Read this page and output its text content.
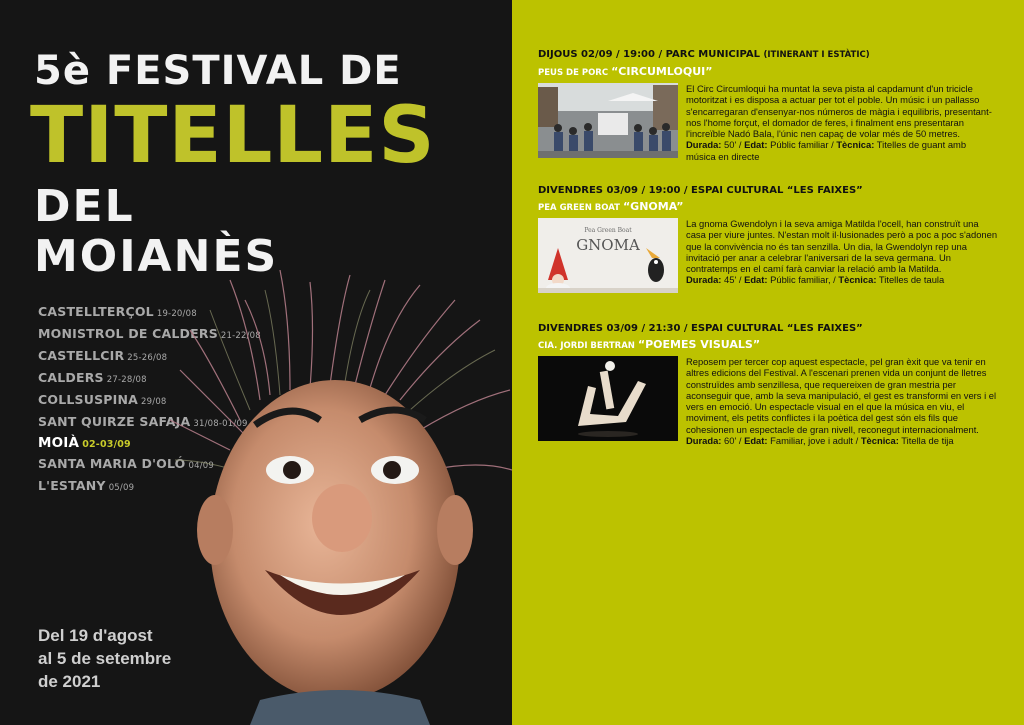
5è FESTIVAL DE
TITELLES
DEL MOIANÈS
CASTELLTERÇOL 19-20/08
MONISTROL DE CALDERS 21-22/08
CASTELLCIR 25-26/08
CALDERS 27-28/08
COLLSUSPINA 29/08
SANT QUIRZE SAFAJA 31/08-01/09
MOIÀ 02-03/09
SANTA MARIA D'OLÓ 04/09
L'ESTANY 05/09
Del 19 d'agost
al 5 de setembre
de 2021
DIJOUS 02/09 / 19:00 / PARC MUNICIPAL (ITINERANT I ESTÀTIC)
PEUS DE PORC “CIRCUMLOQUI”
El Circ Circumloqui ha muntat la seva pista al capdamunt d'un tricicle motoritzat i es disposa a actuar per tot el poble. Un músic i un pallasso s'encarregaran d'ensenyar-nos números de màgia i equilibris, presentant-nos l'home forçut, el domador de feres, i finalment ens presentaran l'increïble Nadó Bala, l'únic nen capaç de volar més de 50 metres.
Durada: 50' / Edat: Públic familiar / Tècnica: Titelles de guant amb música en directe
DIVENDRES 03/09 / 19:00 / ESPAI CULTURAL “LES FAIXES”
PEA GREEN BOAT “GNOMA”
Pea Green Boat
GNOMA
La gnoma Gwendolyn i la seva amiga Matilda l'ocell, han construït una casa per viure juntes. N'estan molt il·lusionades però a poc a poc s'adonen que la convivència no és tan senzilla. Un dia, la Gwendolyn rep una invitació per anar a celebrar l'aniversari de la seva germana. Un contratemps en el camí farà canviar la relació amb la Matilda.
Durada: 45' / Edat: Públic familiar, / Tècnica: Titelles de taula
DIVENDRES 03/09 / 21:30 / ESPAI CULTURAL “LES FAIXES”
CIA. JORDI BERTRAN “POEMES VISUALS”
Reposem per tercer cop aquest espectacle, pel gran èxit que va tenir en altres edicions del Festival. A l'escenari prenen vida un conjunt de lletres construïdes amb senzillesa, que requereixen de gran mestria per aconseguir que, amb la seva manipulació, el gest es transformi en vers i el vers en emoció. Un espectacle visual en el que la música en viu, el moviment, els petits conflictes i la poètica del gest són els fils que cohesionen un espectacle de gran nivell, reconegut internacionalment.
Durada: 60' / Edat: Familiar, jove i adult / Tècnica: Titella de tija
